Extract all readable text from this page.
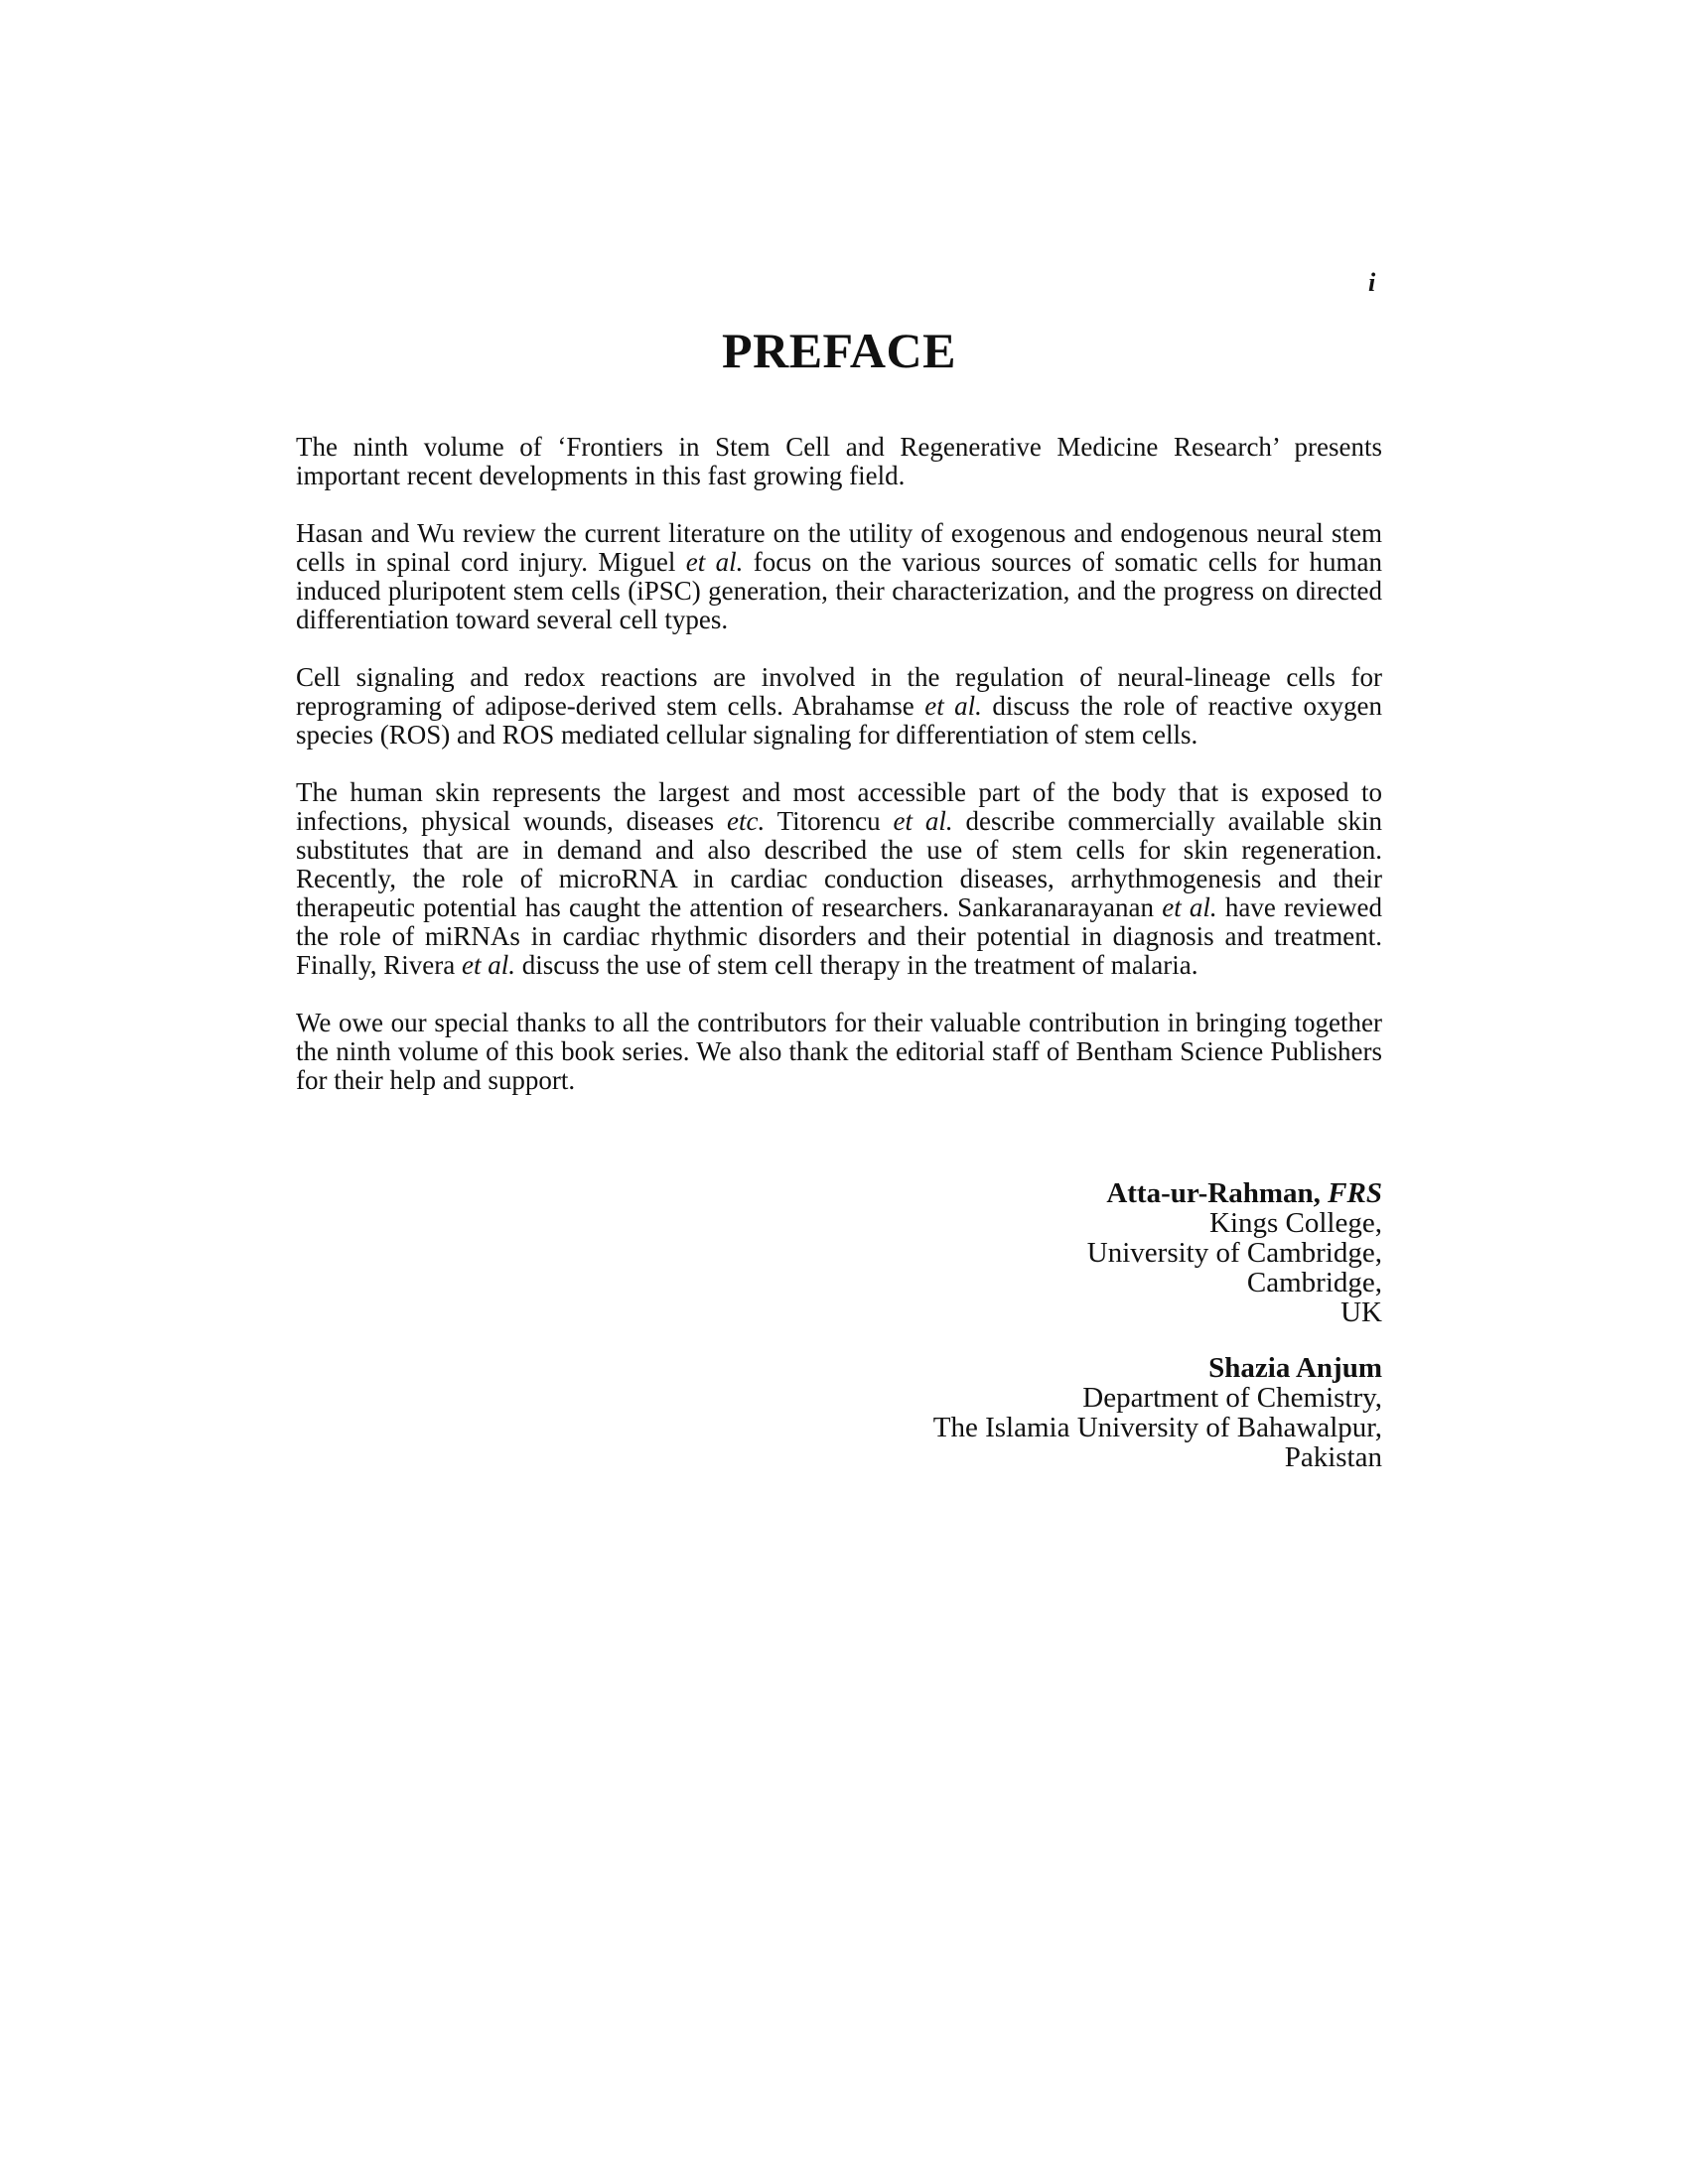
i
PREFACE

The ninth volume of ‘Frontiers in Stem Cell and Regenerative Medicine Research’ presents important recent developments in this fast growing field.

Hasan and Wu review the current literature on the utility of exogenous and endogenous neural stem cells in spinal cord injury. Miguel et al. focus on the various sources of somatic cells for human induced pluripotent stem cells (iPSC) generation, their characterization, and the progress on directed differentiation toward several cell types.

Cell signaling and redox reactions are involved in the regulation of neural-lineage cells for reprograming of adipose-derived stem cells. Abrahamse et al. discuss the role of reactive oxygen species (ROS) and ROS mediated cellular signaling for differentiation of stem cells.

The human skin represents the largest and most accessible part of the body that is exposed to infections, physical wounds, diseases etc. Titorencu et al. describe commercially available skin substitutes that are in demand and also described the use of stem cells for skin regeneration. Recently, the role of microRNA in cardiac conduction diseases, arrhythmogenesis and their therapeutic potential has caught the attention of researchers. Sankaranarayanan et al. have reviewed the role of miRNAs in cardiac rhythmic disorders and their potential in diagnosis and treatment. Finally, Rivera et al. discuss the use of stem cell therapy in the treatment of malaria.

We owe our special thanks to all the contributors for their valuable contribution in bringing together the ninth volume of this book series. We also thank the editorial staff of Bentham Science Publishers for their help and support.

Atta-ur-Rahman, FRS
Kings College,
University of Cambridge,
Cambridge,
UK
Shazia Anjum
Department of Chemistry,
The Islamia University of Bahawalpur,
Pakistan
